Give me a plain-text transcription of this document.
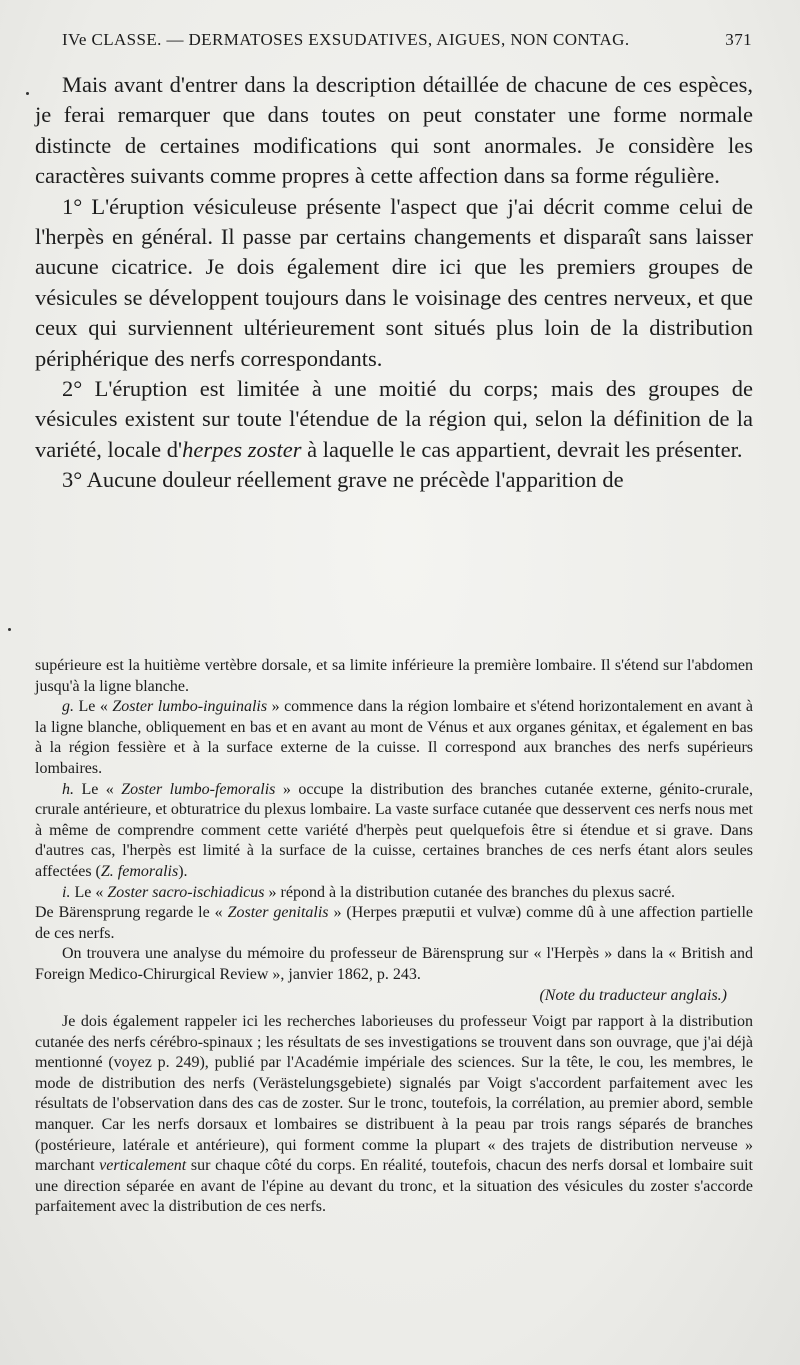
IVe CLASSE. — DERMATOSES EXSUDATIVES, AIGUES, NON CONTAG.	371

Mais avant d'entrer dans la description détaillée de chacune de ces espèces, je ferai remarquer que dans toutes on peut constater une forme normale distincte de certaines modifications qui sont anormales. Je considère les caractères suivants comme propres à cette affection dans sa forme régulière.

1° L'éruption vésiculeuse présente l'aspect que j'ai décrit comme celui de l'herpès en général. Il passe par certains changements et disparaît sans laisser aucune cicatrice. Je dois également dire ici que les premiers groupes de vésicules se développent toujours dans le voisinage des centres nerveux, et que ceux qui surviennent ultérieurement sont situés plus loin de la distribution périphérique des nerfs correspondants.

2° L'éruption est limitée à une moitié du corps; mais des groupes de vésicules existent sur toute l'étendue de la région qui, selon la définition de la variété, locale d'herpes zoster à laquelle le cas appartient, devrait les présenter.

3° Aucune douleur réellement grave ne précède l'apparition de

supérieure est la huitième vertèbre dorsale, et sa limite inférieure la première lombaire. Il s'étend sur l'abdomen jusqu'à la ligne blanche.

g. Le « Zoster lumbo-inguinalis » commence dans la région lombaire et s'étend horizontalement en avant à la ligne blanche, obliquement en bas et en avant au mont de Vénus et aux organes génitax, et également en bas à la région fessière et à la surface externe de la cuisse. Il correspond aux branches des nerfs supérieurs lombaires.

h. Le « Zoster lumbo-femoralis » occupe la distribution des branches cutanée externe, génito-crurale, crurale antérieure, et obturatrice du plexus lombaire. La vaste surface cutanée que desservent ces nerfs nous met à même de comprendre comment cette variété d'herpès peut quelquefois être si étendue et si grave. Dans d'autres cas, l'herpès est limité à la surface de la cuisse, certaines branches de ces nerfs étant alors seules affectées (Z. femoralis).

i. Le « Zoster sacro-ischiadicus » répond à la distribution cutanée des branches du plexus sacré.

De Bärensprung regarde le « Zoster genitalis » (Herpes præputii et vulvæ) comme dû à une affection partielle de ces nerfs.

On trouvera une analyse du mémoire du professeur de Bärensprung sur « l'Herpès » dans la « British and Foreign Medico-Chirurgical Review », janvier 1862, p. 243.

(Note du traducteur anglais.)

Je dois également rappeler ici les recherches laborieuses du professeur Voigt par rapport à la distribution cutanée des nerfs cérébro-spinaux ; les résultats de ses investigations se trouvent dans son ouvrage, que j'ai déjà mentionné (voyez p. 249), publié par l'Académie impériale des sciences. Sur la tête, le cou, les membres, le mode de distribution des nerfs (Verästelungsgebiete) signalés par Voigt s'accordent parfaitement avec les résultats de l'observation dans des cas de zoster. Sur le tronc, toutefois, la corrélation, au premier abord, semble manquer. Car les nerfs dorsaux et lombaires se distribuent à la peau par trois rangs séparés de branches (postérieure, latérale et antérieure), qui forment comme la plupart « des trajets de distribution nerveuse » marchant verticalement sur chaque côté du corps. En réalité, toutefois, chacun des nerfs dorsal et lombaire suit une direction séparée en avant de l'épine au devant du tronc, et la situation des vésicules du zoster s'accorde parfaitement avec la distribution de ces nerfs.
